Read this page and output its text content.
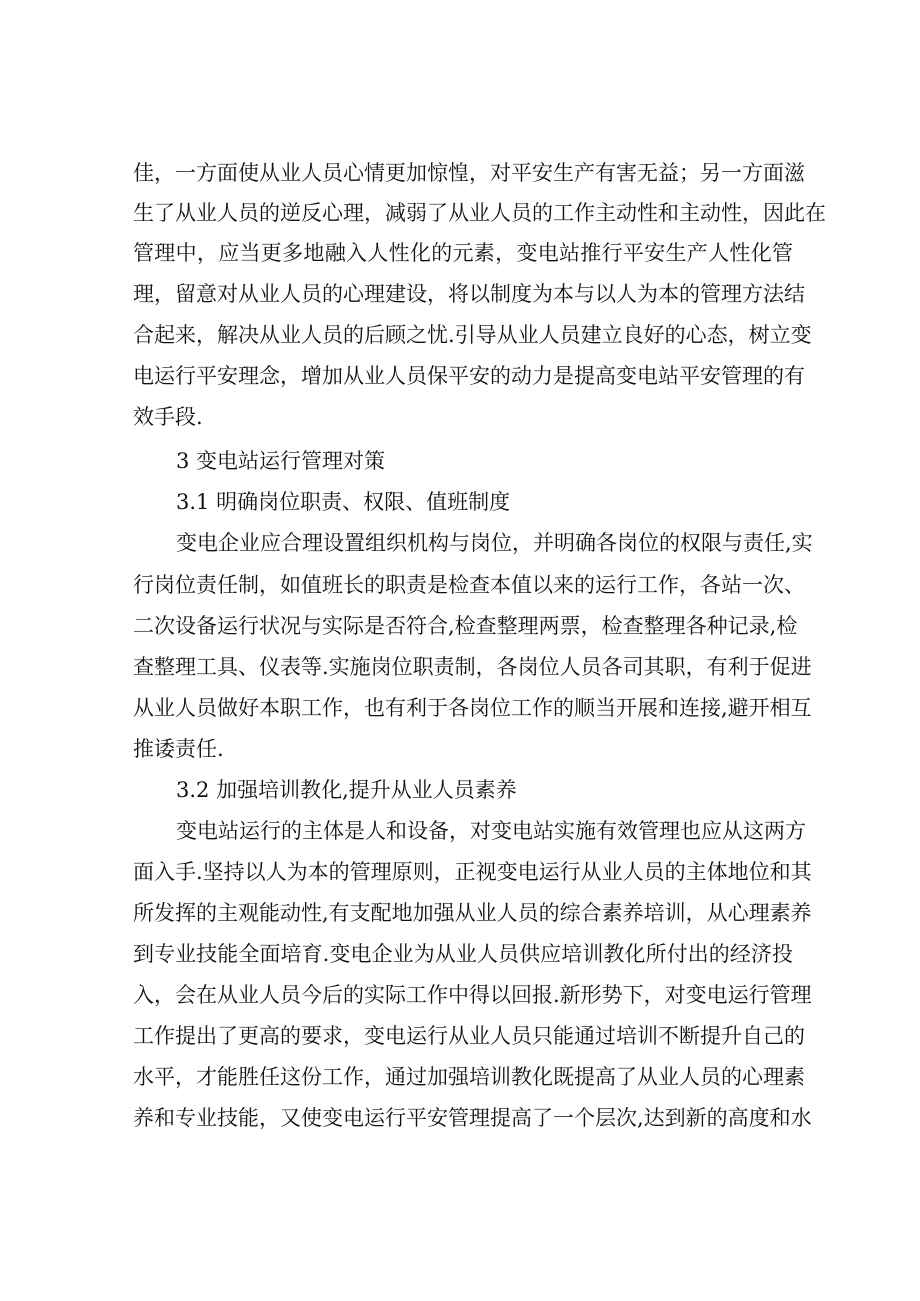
佳，一方面使从业人员心情更加惊惶，对平安生产有害无益；另一方面滋
生了从业人员的逆反心理，减弱了从业人员的工作主动性和主动性，因此在
管理中，应当更多地融入人性化的元素，变电站推行平安生产人性化管
理，留意对从业人员的心理建设，将以制度为本与以人为本的管理方法结
合起来，解决从业人员的后顾之忧.引导从业人员建立良好的心态，树立变
电运行平安理念，增加从业人员保平安的动力是提高变电站平安管理的有
效手段.
3 变电站运行管理对策
3.1 明确岗位职责、权限、值班制度
变电企业应合理设置组织机构与岗位，并明确各岗位的权限与责任,实
行岗位责任制，如值班长的职责是检查本值以来的运行工作，各站一次、
二次设备运行状况与实际是否符合,检查整理两票，检查整理各种记录,检
查整理工具、仪表等.实施岗位职责制，各岗位人员各司其职，有利于促进
从业人员做好本职工作，也有利于各岗位工作的顺当开展和连接,避开相互
推诿责任.
3.2 加强培训教化,提升从业人员素养
变电站运行的主体是人和设备，对变电站实施有效管理也应从这两方
面入手.坚持以人为本的管理原则，正视变电运行从业人员的主体地位和其
所发挥的主观能动性,有支配地加强从业人员的综合素养培训，从心理素养
到专业技能全面培育.变电企业为从业人员供应培训教化所付出的经济投
入，会在从业人员今后的实际工作中得以回报.新形势下，对变电运行管理
工作提出了更高的要求，变电运行从业人员只能通过培训不断提升自己的
水平，才能胜任这份工作，通过加强培训教化既提高了从业人员的心理素
养和专业技能，又使变电运行平安管理提高了一个层次,达到新的高度和水
